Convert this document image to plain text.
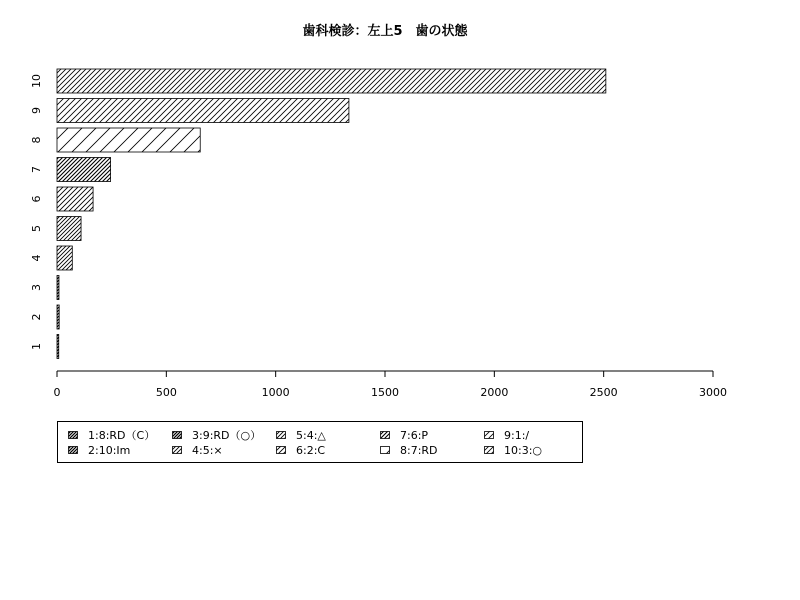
歯科検診：左上5　歯の状態
1
2
3
4
5
6
7
8
9
10
0	500	1000	1500	2000	2500	3000
1:8:RD（C）
2:10:Im
3:9:RD（○）
4:5:×
5:4:△
6:2:C
7:6:P
8:7:RD
9:1:/
10:3:○
